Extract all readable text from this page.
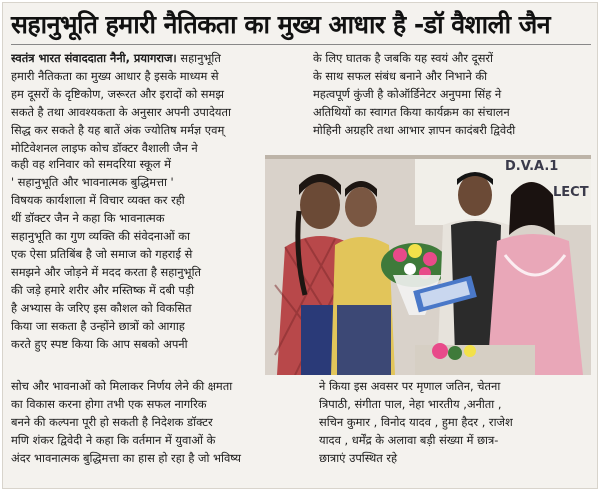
सहानुभूति हमारी नैतिकता का मुख्य आधार है -डॉ वैशाली जैन
स्वतंत्र भारत संवाददाता नैनी, प्रयागराज। सहानुभूति
हमारी नैतिकता का मुख्य आधार है इसके माध्यम से
हम दूसरों के दृष्टिकोण, जरूरत और इरादों को समझ
सकते है तथा आवश्यकता के अनुसार अपनी उपादेयता
सिद्ध कर सकते है यह बातें अंक ज्योतिष मर्मज्ञ एवम्
मोटिवेशनल लाइफ कोच डॉक्टर वैशाली जैन ने
के लिए घातक है जबकि यह स्वयं और दूसरों
के साथ सफल संबंध बनाने और निभाने की
महत्वपूर्ण कुंजी है कोऑर्डिनेटर अनुपमा सिंह ने
अतिथियों का स्वागत किया कार्यक्रम का संचालन
मोहिनी अग्रहरि तथा आभार ज्ञापन कादंबरी द्विवेदी
कही वह शनिवार को समदरिया स्कूल में
' सहानुभूति और भावनात्मक बुद्धिमत्ता '
विषयक कार्यशाला में विचार व्यक्त कर रही
थीं डॉक्टर जैन ने कहा कि भावनात्मक
सहानुभूति का गुण व्यक्ति की संवेदनाओं का
एक ऐसा प्रतिबिंब है जो समाज को गहराई से
समझने और जोड़ने में मदद करता है सहानुभूति
की जड़े हमारे शरीर और मस्तिष्क में दबी पड़ी
है अभ्यास के जरिए इस कौशल को विकसित
किया जा सकता है उन्होंने छात्रों को आगाह
करते हुए स्पष्ट किया कि आप सबको अपनी
D.V.A.1
LECT
सोच और भावनाओं को मिलाकर निर्णय लेने की क्षमता
का विकास करना होगा तभी एक सफल नागरिक
बनने की कल्पना पूरी हो सकती है निदेशक डॉक्टर
मणि शंकर द्विवेदी ने कहा कि वर्तमान में युवाओं के
अंदर भावनात्मक बुद्धिमत्ता का हास हो रहा है जो भविष्य
ने किया इस अवसर पर मृणाल जतिन, चेतना
त्रिपाठी, संगीता पाल, नेहा भारतीय ,अनीता ,
सचिन कुमार , विनोद यादव , हुमा हैदर , राजेश
यादव , धर्मेंद्र के अलावा बड़ी संख्या में छात्र-
छात्राएं उपस्थित रहे
